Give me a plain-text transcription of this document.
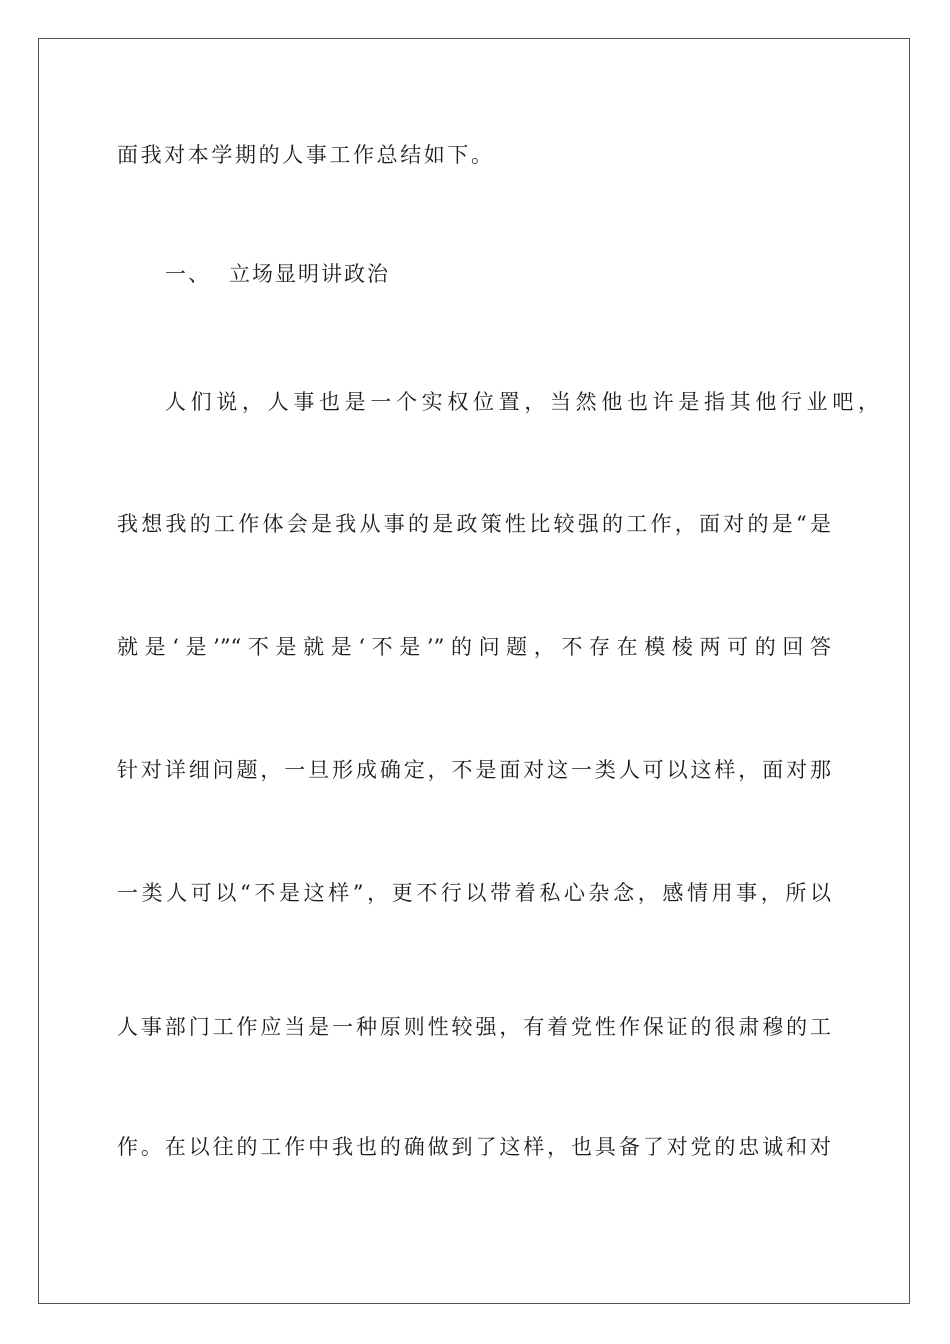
面我对本学期的人事工作总结如下。
一、 立场显明讲政治
人们说，人事也是一个实权位置，当然他也许是指其他行业吧，
我想我的工作体会是我从事的是政策性比较强的工作，面对的是“是
就是‘是’”“不是就是‘不是’”的问题，不存在模棱两可的回答
针对详细问题，一旦形成确定，不是面对这一类人可以这样，面对那
一类人可以“不是这样”，更不行以带着私心杂念，感情用事，所以
人事部门工作应当是一种原则性较强，有着党性作保证的很肃穆的工
作。在以往的工作中我也的确做到了这样，也具备了对党的忠诚和对
